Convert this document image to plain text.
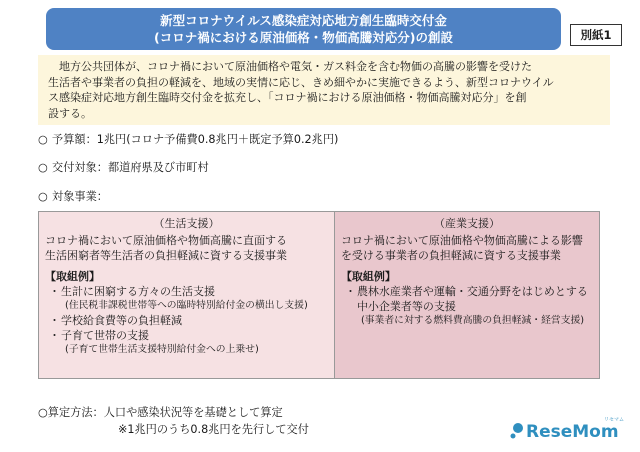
新型コロナウイルス感染症対応地方創生臨時交付金
(コロナ禍における原油価格・物価高騰対応分)の創設	別紙1
　地方公共団体が、コロナ禍において原油価格や電気・ガス料金を含む物価の高騰の影響を受けた
生活者や事業者の負担の軽減を、地域の実情に応じ、きめ細やかに実施できるよう、新型コロナウイル
ス感染症対応地方創生臨時交付金を拡充し、「コロナ禍における原油価格・物価高騰対応分」を創
設する。
○ 予算額：1兆円(コロナ予備費0.8兆円＋既定予算0.2兆円)
○ 交付対象：都道府県及び市町村
○ 対象事業：
（生活支援）
コロナ禍において原油価格や物価高騰に直面する
生活困窮者等生活者の負担軽減に資する支援事業
【取組例】
・生計に困窮する方々の生活支援
(住民税非課税世帯等への臨時特別給付金の横出し支援)
・学校給食費等の負担軽減
・子育て世帯の支援
(子育て世帯生活支援特別給付金への上乗せ)
（産業支援）
コロナ禍において原油価格や物価高騰による影響
を受ける事業者の負担軽減に資する支援事業
【取組例】
・農林水産業者や運輸・交通分野をはじめとする
中小企業者等の支援
(事業者に対する燃料費高騰の負担軽減・経営支援)
○算定方法：人口や感染状況等を基礎として算定
※1兆円のうち0.8兆円を先行して交付	ReseMom
リセマム
